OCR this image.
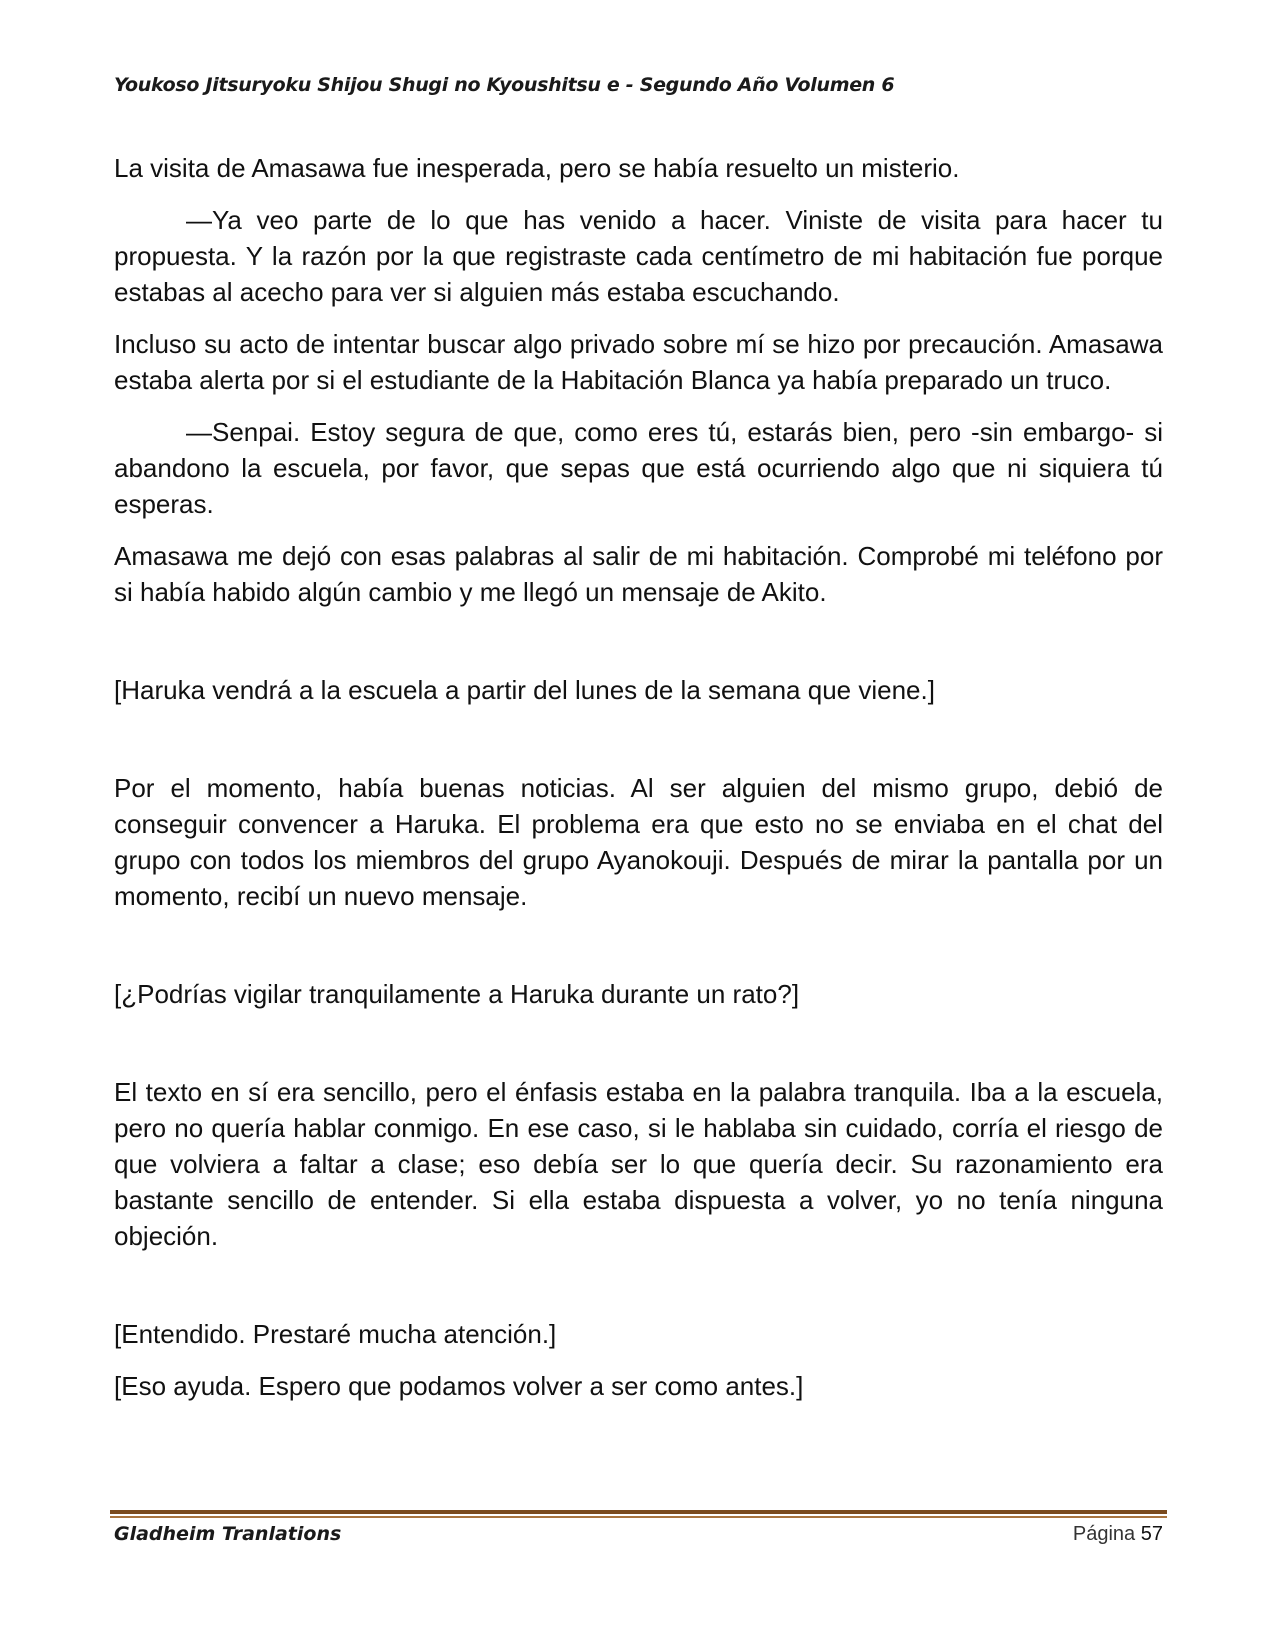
Youkoso Jitsuryoku Shijou Shugi no Kyoushitsu e - Segundo Año Volumen 6

La visita de Amasawa fue inesperada, pero se había resuelto un misterio.

—Ya veo parte de lo que has venido a hacer. Viniste de visita para hacer tu propuesta. Y la razón por la que registraste cada centímetro de mi habitación fue porque estabas al acecho para ver si alguien más estaba escuchando.

Incluso su acto de intentar buscar algo privado sobre mí se hizo por precaución. Amasawa estaba alerta por si el estudiante de la Habitación Blanca ya había preparado un truco.

—Senpai. Estoy segura de que, como eres tú, estarás bien, pero -sin embargo- si abandono la escuela, por favor, que sepas que está ocurriendo algo que ni siquiera tú esperas.

Amasawa me dejó con esas palabras al salir de mi habitación. Comprobé mi teléfono por si había habido algún cambio y me llegó un mensaje de Akito.

[Haruka vendrá a la escuela a partir del lunes de la semana que viene.]

Por el momento, había buenas noticias. Al ser alguien del mismo grupo, debió de conseguir convencer a Haruka. El problema era que esto no se enviaba en el chat del grupo con todos los miembros del grupo Ayanokouji. Después de mirar la pantalla por un momento, recibí un nuevo mensaje.

[¿Podrías vigilar tranquilamente a Haruka durante un rato?]

El texto en sí era sencillo, pero el énfasis estaba en la palabra tranquila. Iba a la escuela, pero no quería hablar conmigo. En ese caso, si le hablaba sin cuidado, corría el riesgo de que volviera a faltar a clase; eso debía ser lo que quería decir. Su razonamiento era bastante sencillo de entender. Si ella estaba dispuesta a volver, yo no tenía ninguna objeción.

[Entendido. Prestaré mucha atención.]

[Eso ayuda. Espero que podamos volver a ser como antes.]

Gladheim Tranlations	Página 57
